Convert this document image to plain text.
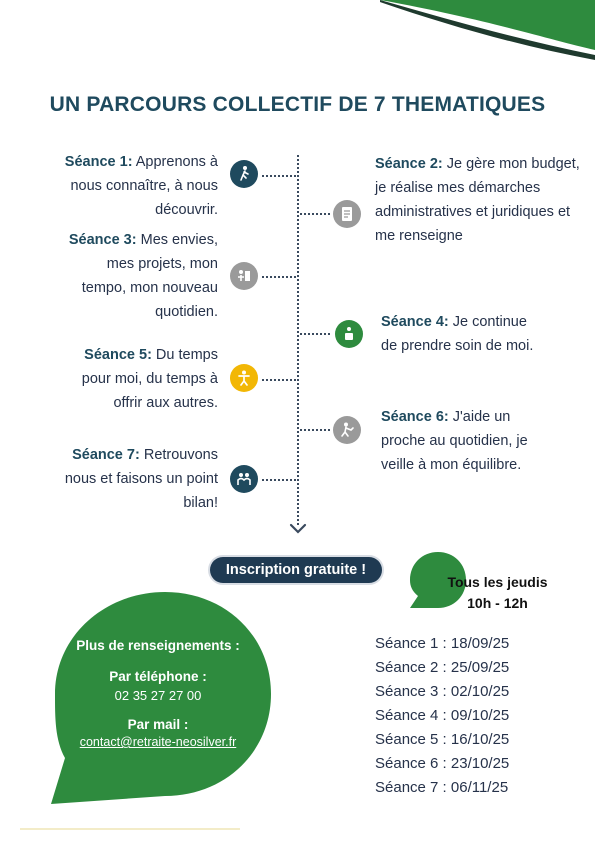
UN PARCOURS COLLECTIF DE 7 THEMATIQUES

Séance 1: Apprenons à nous connaître, à nous découvrir.

Séance 2: Je gère mon budget, je réalise mes démarches administratives et juridiques et me renseigne

Séance 3: Mes envies, mes projets, mon tempo, mon nouveau quotidien.

Séance 4: Je continue de prendre soin de moi.

Séance 5: Du temps pour moi, du temps à offrir aux autres.

Séance 6: J'aide un proche au quotidien, je veille à mon équilibre.

Séance 7: Retrouvons nous et faisons un point bilan!

Inscription gratuite !
Tous les jeudis
10h - 12h
Séance 1 : 18/09/25
Séance 2 : 25/09/25
Séance 3 : 02/10/25
Séance 4 : 09/10/25
Séance 5 : 16/10/25
Séance 6 : 23/10/25
Séance 7 : 06/11/25
Plus de renseignements :
Par téléphone :
02 35 27 27 00
Par mail :
contact@retraite-neosilver.fr
